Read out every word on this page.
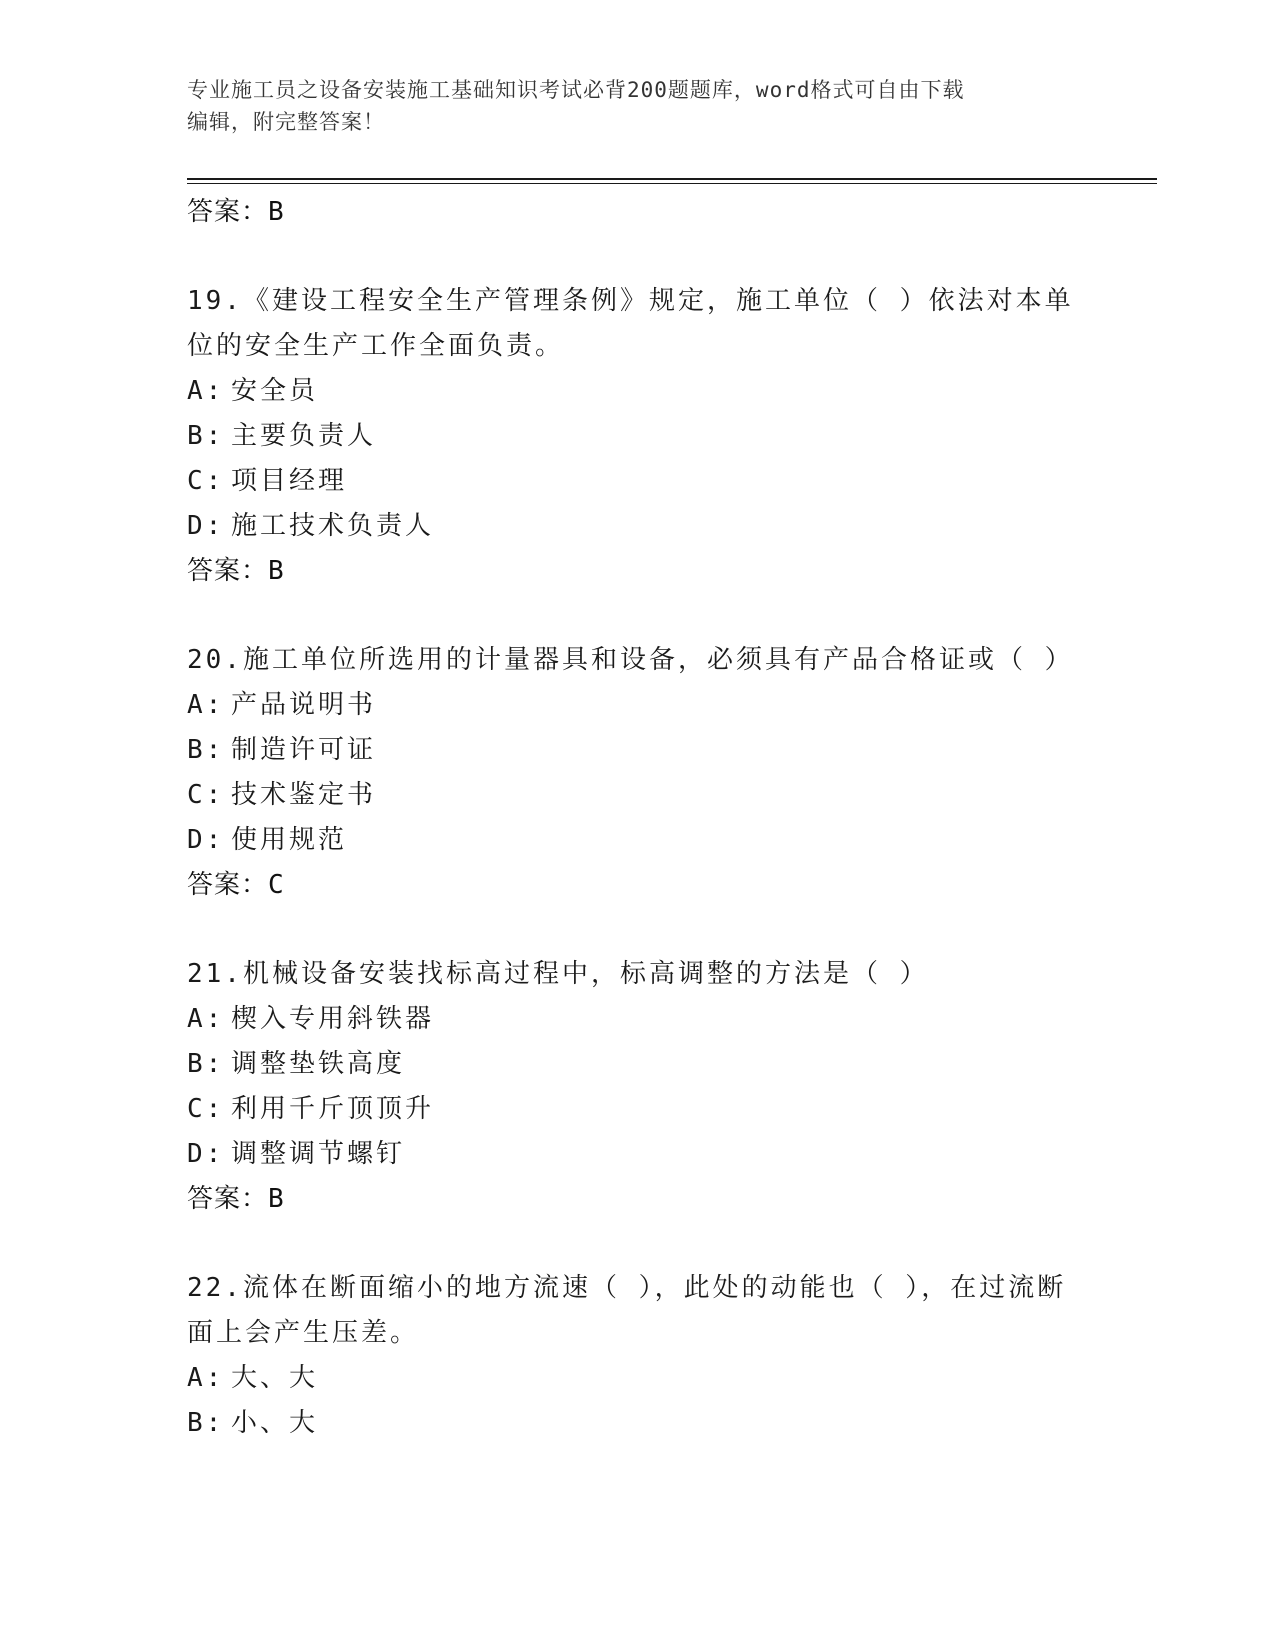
专业施工员之设备安装施工基础知识考试必背200题题库，word格式可自由下载
编辑，附完整答案！
答案：B
19.《建设工程安全生产管理条例》规定，施工单位（ ）依法对本单位的安全生产工作全面负责。
A: 安全员
B: 主要负责人
C: 项目经理
D: 施工技术负责人
答案：B
20.施工单位所选用的计量器具和设备，必须具有产品合格证或（ ）
A: 产品说明书
B: 制造许可证
C: 技术鉴定书
D: 使用规范
答案：C
21.机械设备安装找标高过程中，标高调整的方法是（ ）
A: 楔入专用斜铁器
B: 调整垫铁高度
C: 利用千斤顶顶升
D: 调整调节螺钉
答案：B
22.流体在断面缩小的地方流速（ ），此处的动能也（ ），在过流断面上会产生压差。
A: 大、大
B: 小、大
